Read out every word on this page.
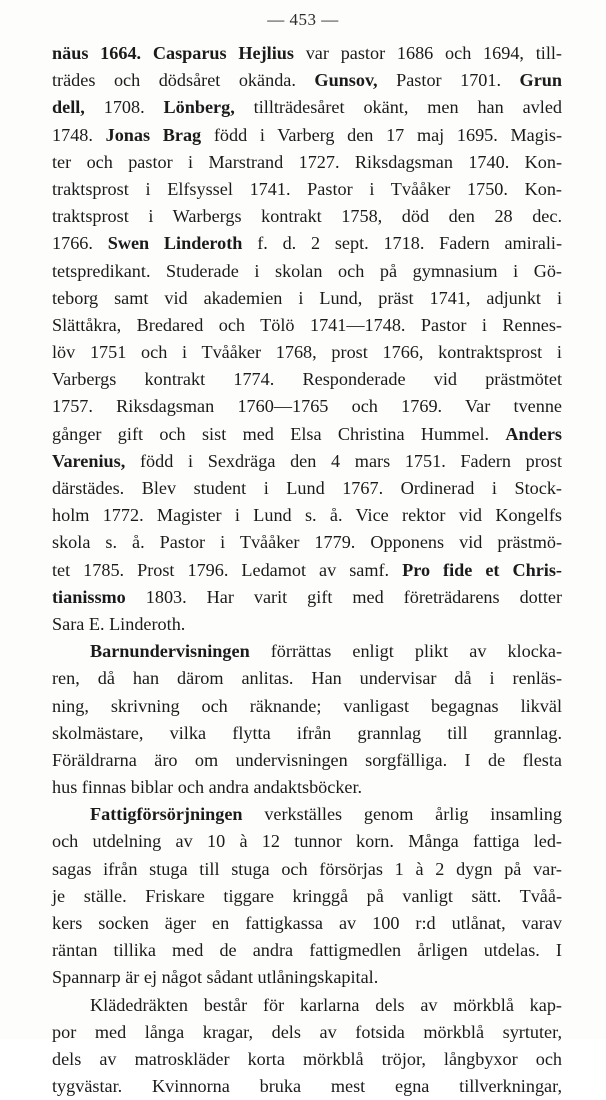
— 453 —
näus 1664. Casparus Hejlius var pastor 1686 och 1694, till-
trädes och dödsåret okända. Gunsov, Pastor 1701. Grun
dell, 1708. Lönberg, tillträdesåret okänt, men han avled
1748. Jonas Brag född i Varberg den 17 maj 1695. Magis-
ter och pastor i Marstrand 1727. Riksdagsman 1740. Kon-
traktsprost i Elfsyssel 1741. Pastor i Tvååker 1750. Kon-
traktsprost i Warbergs kontrakt 1758, död den 28 dec.
1766. Swen Linderoth f. d. 2 sept. 1718. Fadern amirali-
tetspredikant. Studerade i skolan och på gymnasium i Gö-
teborg samt vid akademien i Lund, präst 1741, adjunkt i
Slättåkra, Bredared och Tölö 1741—1748. Pastor i Rennes-
löv 1751 och i Tvååker 1768, prost 1766, kontraktsprost i
Varbergs kontrakt 1774. Responderade vid prästmötet
1757. Riksdagsman 1760—1765 och 1769. Var tvenne
gånger gift och sist med Elsa Christina Hummel. Anders
Varenius, född i Sexdräga den 4 mars 1751. Fadern prost
därstädes. Blev student i Lund 1767. Ordinerad i Stock-
holm 1772. Magister i Lund s. å. Vice rektor vid Kongelfs
skola s. å. Pastor i Tvååker 1779. Opponens vid prästmö-
tet 1785. Prost 1796. Ledamot av samf. Pro fide et Chris-
tianissmo 1803. Har varit gift med företrädarens dotter
Sara E. Linderoth.
Barnundervisningen förrättas enligt plikt av klocka-
ren, då han därom anlitas. Han undervisar då i renläs-
ning, skrivning och räknande; vanligast begagnas likväl
skolmästare, vilka flytta ifrån grannlag till grannlag.
Föräldrarna äro om undervisningen sorgfälliga. I de flesta
hus finnas biblar och andra andaktsböcker.
Fattigförsörjningen verkställes genom årlig insamling
och utdelning av 10 à 12 tunnor korn. Många fattiga led-
sagas ifrån stuga till stuga och försörjas 1 à 2 dygn på var-
je ställe. Friskare tiggare kringgå på vanligt sätt. Tvåå-
kers socken äger en fattigkassa av 100 r:d utlånat, varav
räntan tillika med de andra fattigmedlen årligen utdelas. I
Spannarp är ej något sådant utlåningskapital.
Klädedräkten består för karlarna dels av mörkblå kap-
por med långa kragar, dels av fotsida mörkblå syrtuter,
dels av matroskläder korta mörkblå tröjor, långbyxor och
tygvästar. Kvinnorna bruka mest egna tillverkningar,
